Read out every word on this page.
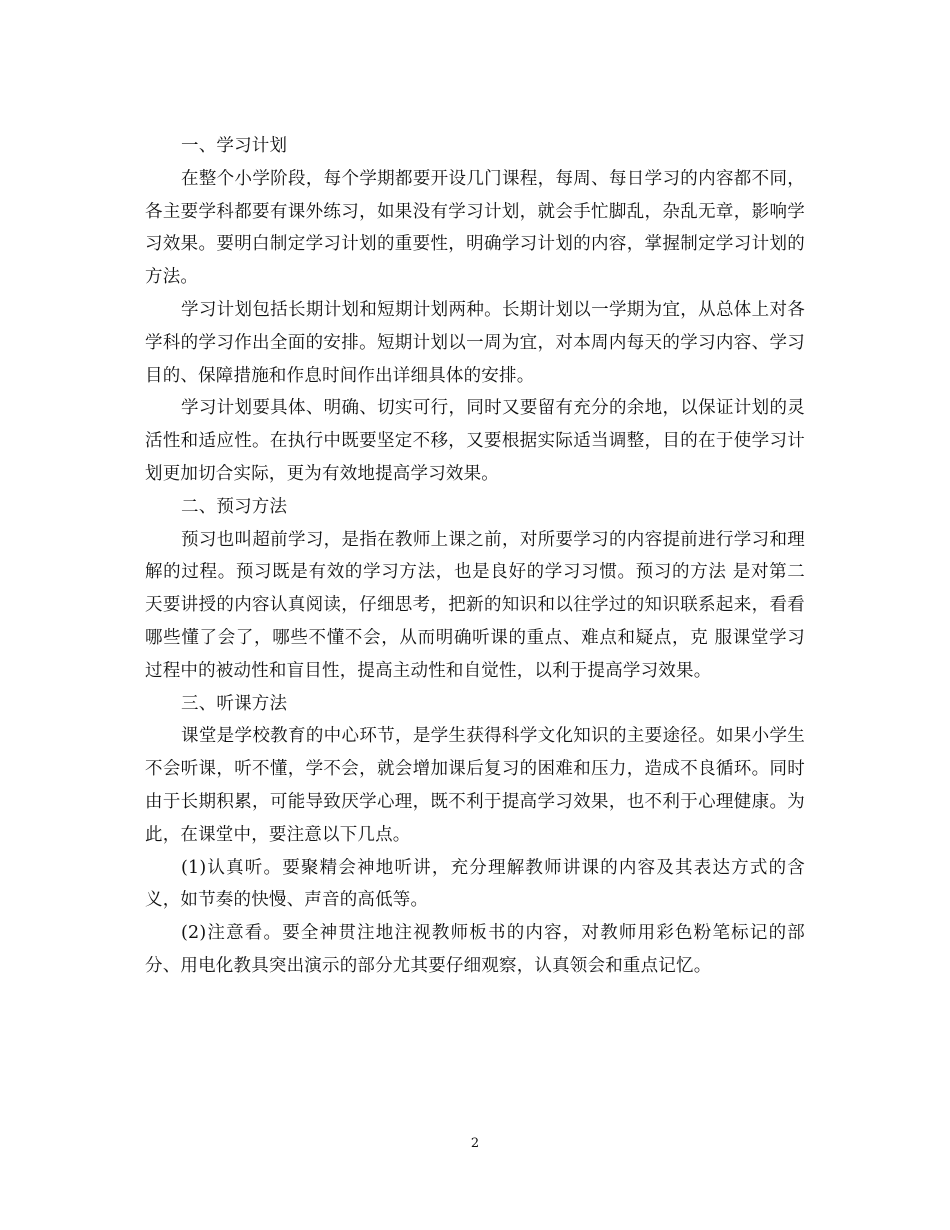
一、学习计划

在整个小学阶段，每个学期都要开设几门课程，每周、每日学习的内容都不同，各主要学科都要有课外练习，如果没有学习计划，就会手忙脚乱，杂乱无章，影响学习效果。要明白制定学习计划的重要性，明确学习计划的内容，掌握制定学习计划的方法。

学习计划包括长期计划和短期计划两种。长期计划以一学期为宜，从总体上对各学科的学习作出全面的安排。短期计划以一周为宜，对本周内每天的学习内容、学习目的、保障措施和作息时间作出详细具体的安排。

学习计划要具体、明确、切实可行，同时又要留有充分的余地，以保证计划的灵活性和适应性。在执行中既要坚定不移，又要根据实际适当调整，目的在于使学习计划更加切合实际，更为有效地提高学习效果。

二、预习方法

预习也叫超前学习，是指在教师上课之前，对所要学习的内容提前进行学习和理解的过程。预习既是有效的学习方法，也是良好的学习习惯。预习的方法 是对第二天要讲授的内容认真阅读，仔细思考，把新的知识和以往学过的知识联系起来，看看哪些懂了会了，哪些不懂不会，从而明确听课的重点、难点和疑点，克 服课堂学习过程中的被动性和盲目性，提高主动性和自觉性，以利于提高学习效果。

三、听课方法

课堂是学校教育的中心环节，是学生获得科学文化知识的主要途径。如果小学生不会听课，听不懂，学不会，就会增加课后复习的困难和压力，造成不良循环。同时由于长期积累，可能导致厌学心理，既不利于提高学习效果，也不利于心理健康。为此，在课堂中，要注意以下几点。

(1)认真听。要聚精会神地听讲，充分理解教师讲课的内容及其表达方式的含义，如节奏的快慢、声音的高低等。

(2)注意看。要全神贯注地注视教师板书的内容，对教师用彩色粉笔标记的部分、用电化教具突出演示的部分尤其要仔细观察，认真领会和重点记忆。

2
